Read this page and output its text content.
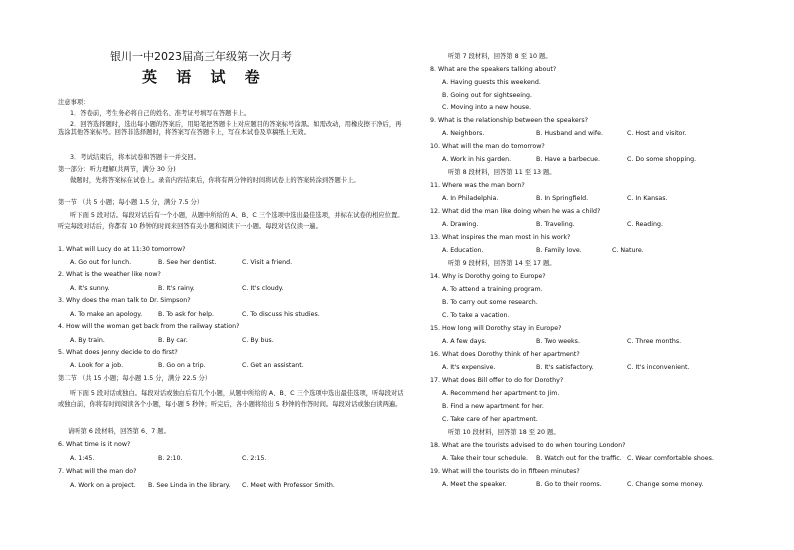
银川一中2023届高三年级第一次月考
英 语 试 卷
注意事项：
1．答卷前，考生务必将自己的姓名、准考证号填写在答题卡上。
2．回答选择题时，选出每小题的答案后，用铅笔把答题卡上对应题目的答案标号涂黑。如需改动，用橡皮擦干净后，再选涂其他答案标号。回答非选择题时，将答案写在答题卡上，写在本试卷及草稿纸上无效。
3．考试结束后，将本试卷和答题卡一并交回。
第一部分：听力理解(共两节，满分 30 分)
做题时，先将答案标在试卷上。录音内容结束后，你将有两分钟的时间将试卷上的答案转涂到答题卡上。
第一节 （共 5 小题；每小题 1.5 分，满分 7.5 分）
听下面 5 段对话。每段对话后有一个小题，从题中所给的 A、B、C 三个选项中选出最佳选项，并标在试卷的相应位置。听完每段对话后，你都有 10 秒钟的时间来回答有关小题和阅读下一小题。每段对话仅读一遍。
1. What will Lucy do at 11:30 tomorrow?
A. Go out for lunch.	B. See her dentist.	C. Visit a friend.
2. What is the weather like now?
A. It's sunny.	B. It's rainy.	C. It's cloudy.
3. Why does the man talk to Dr. Simpson?
A. To make an apology.	B. To ask for help.	C. To discuss his studies.
4. How will the woman get back from the railway station?
A. By train.	B. By car.	C. By bus.
5. What does Jenny decide to do first?
A. Look for a job.	B. Go on a trip.	C. Get an assistant.
第二节 （共 15 小题；每小题 1.5 分，满分 22.5 分）
听下面 5 段对话或独白。每段对话或独白后有几个小题，从题中所给的 A、B、C 三个选项中选出最佳选项，听每段对话或独白前，你将有时间阅读各个小题，每小题 5 秒钟；听完后，各小题将给出 5 秒钟的作答时间。每段对话或独白读两遍。
请听第 6 段材料，回答第 6、7 题。
6. What time is it now?
A. 1:45.	B. 2:10.	C. 2:15.
7. What will the man do?
A. Work on a project. B. See Linda in the library. C. Meet with Professor Smith.
听第 7 段材料，回答第 8 至 10 题。
8. What are the speakers talking about?
A. Having guests this weekend.
B. Going out for sightseeing.
C. Moving into a new house.
9. What is the relationship between the speakers?
A. Neighbors.	B. Husband and wife.	C. Host and visitor.
10. What will the man do tomorrow?
A. Work in his garden.	B. Have a barbecue.	C. Do some shopping.
听第 8 段材料，回答第 11 至 13 题。
11. Where was the man born?
A. In Philadelphia.	B. In Springfield.	C. In Kansas.
12. What did the man like doing when he was a child?
A. Drawing.	B. Traveling.	C. Reading.
13. What inspires the man most in his work?
A. Education.	B. Family love.	C. Nature.
听第 9 段材料，回答第 14 至 17 题。
14. Why is Dorothy going to Europe?
A. To attend a training program.
B. To carry out some research.
C. To take a vacation.
15. How long will Dorothy stay in Europe?
A. A few days.	B. Two weeks.	C. Three months.
16. What does Dorothy think of her apartment?
A. It's expensive.	B. It's satisfactory.	C. It's inconvenient.
17. What does Bill offer to do for Dorothy?
A. Recommend her apartment to Jim.
B. Find a new apartment for her.
C. Take care of her apartment.
听第 10 段材料，回答第 18 至 20 题。
18. What are the tourists advised to do when touring London?
A. Take their tour schedule. B. Watch out for the traffic. C. Wear comfortable shoes.
19. What will the tourists do in fifteen minutes?
A. Meet the speaker.	B. Go to their rooms.	C. Change some money.
